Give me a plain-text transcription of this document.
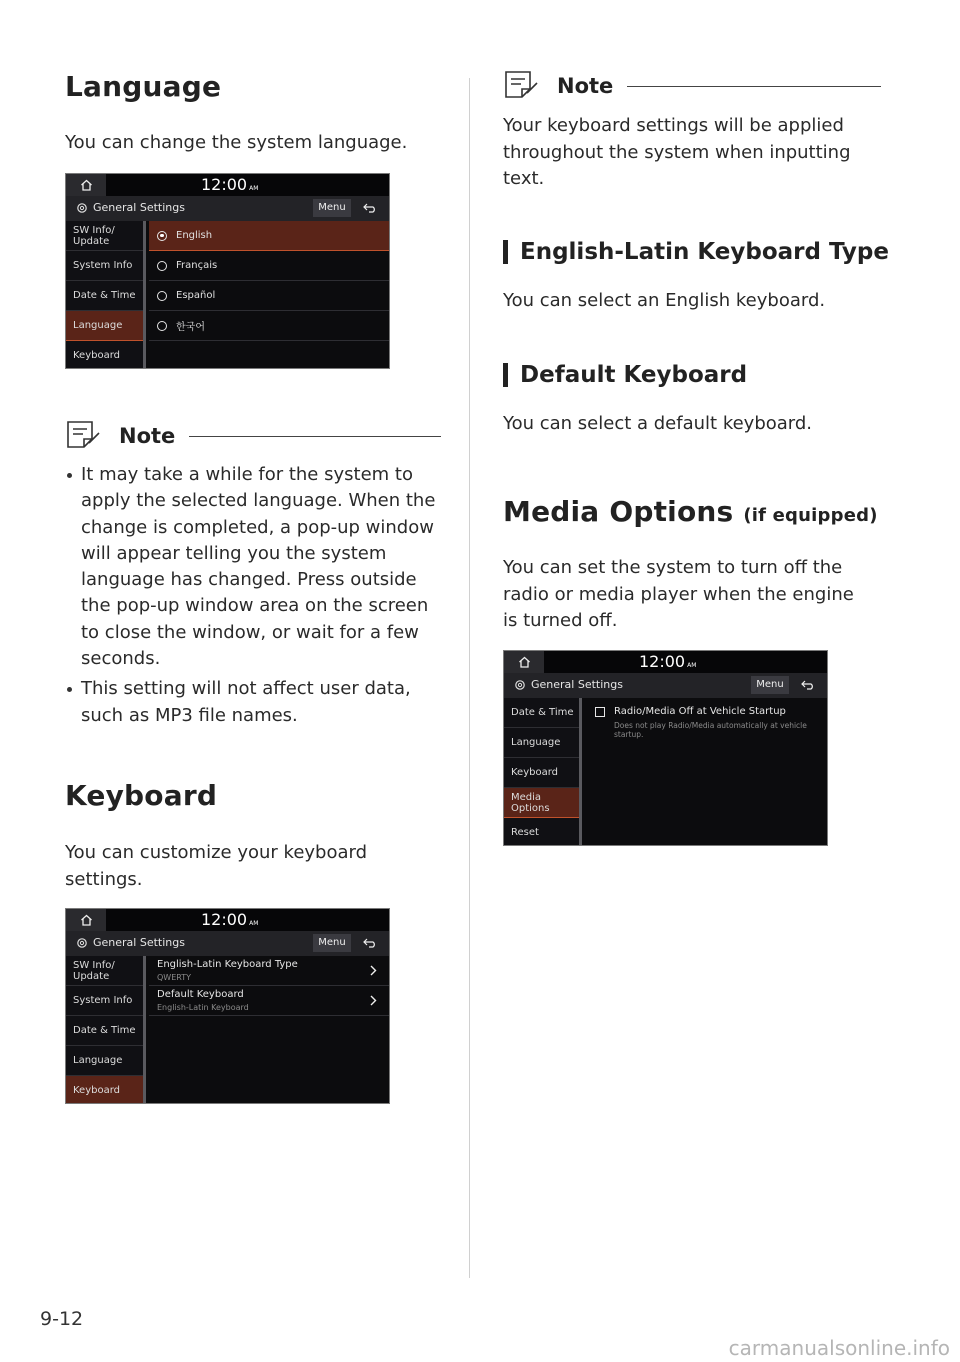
Language
You can change the system language.
12:00 AM
General Settings	Menu
SW Info/
Update
System Info
Date & Time
Language
Keyboard
English
Français
Español
한국어
Note
It may take a while for the system to apply the selected language. When the change is completed, a pop-up window will appear telling you the system language has changed. Press outside the pop-up window area on the screen to close the window, or wait for a few seconds.
This setting will not affect user data, such as MP3 file names.
Keyboard
You can customize your keyboard settings.
12:00 AM
General Settings	Menu
SW Info/
Update
System Info
Date & Time
Language
Keyboard
English-Latin Keyboard Type
QWERTY
Default Keyboard
English-Latin Keyboard
Note
Your keyboard settings will be applied throughout the system when inputting text.
English-Latin Keyboard Type
You can select an English keyboard.
Default Keyboard
You can select a default keyboard.
Media Options (if equipped)
You can set the system to turn off the radio or media player when the engine is turned off.
12:00 AM
General Settings	Menu
Date & Time
Language
Keyboard
Media
Options
Reset
Radio/Media Off at Vehicle Startup
Does not play Radio/Media automatically at vehicle startup.
9-12
carmanualsonline.info
